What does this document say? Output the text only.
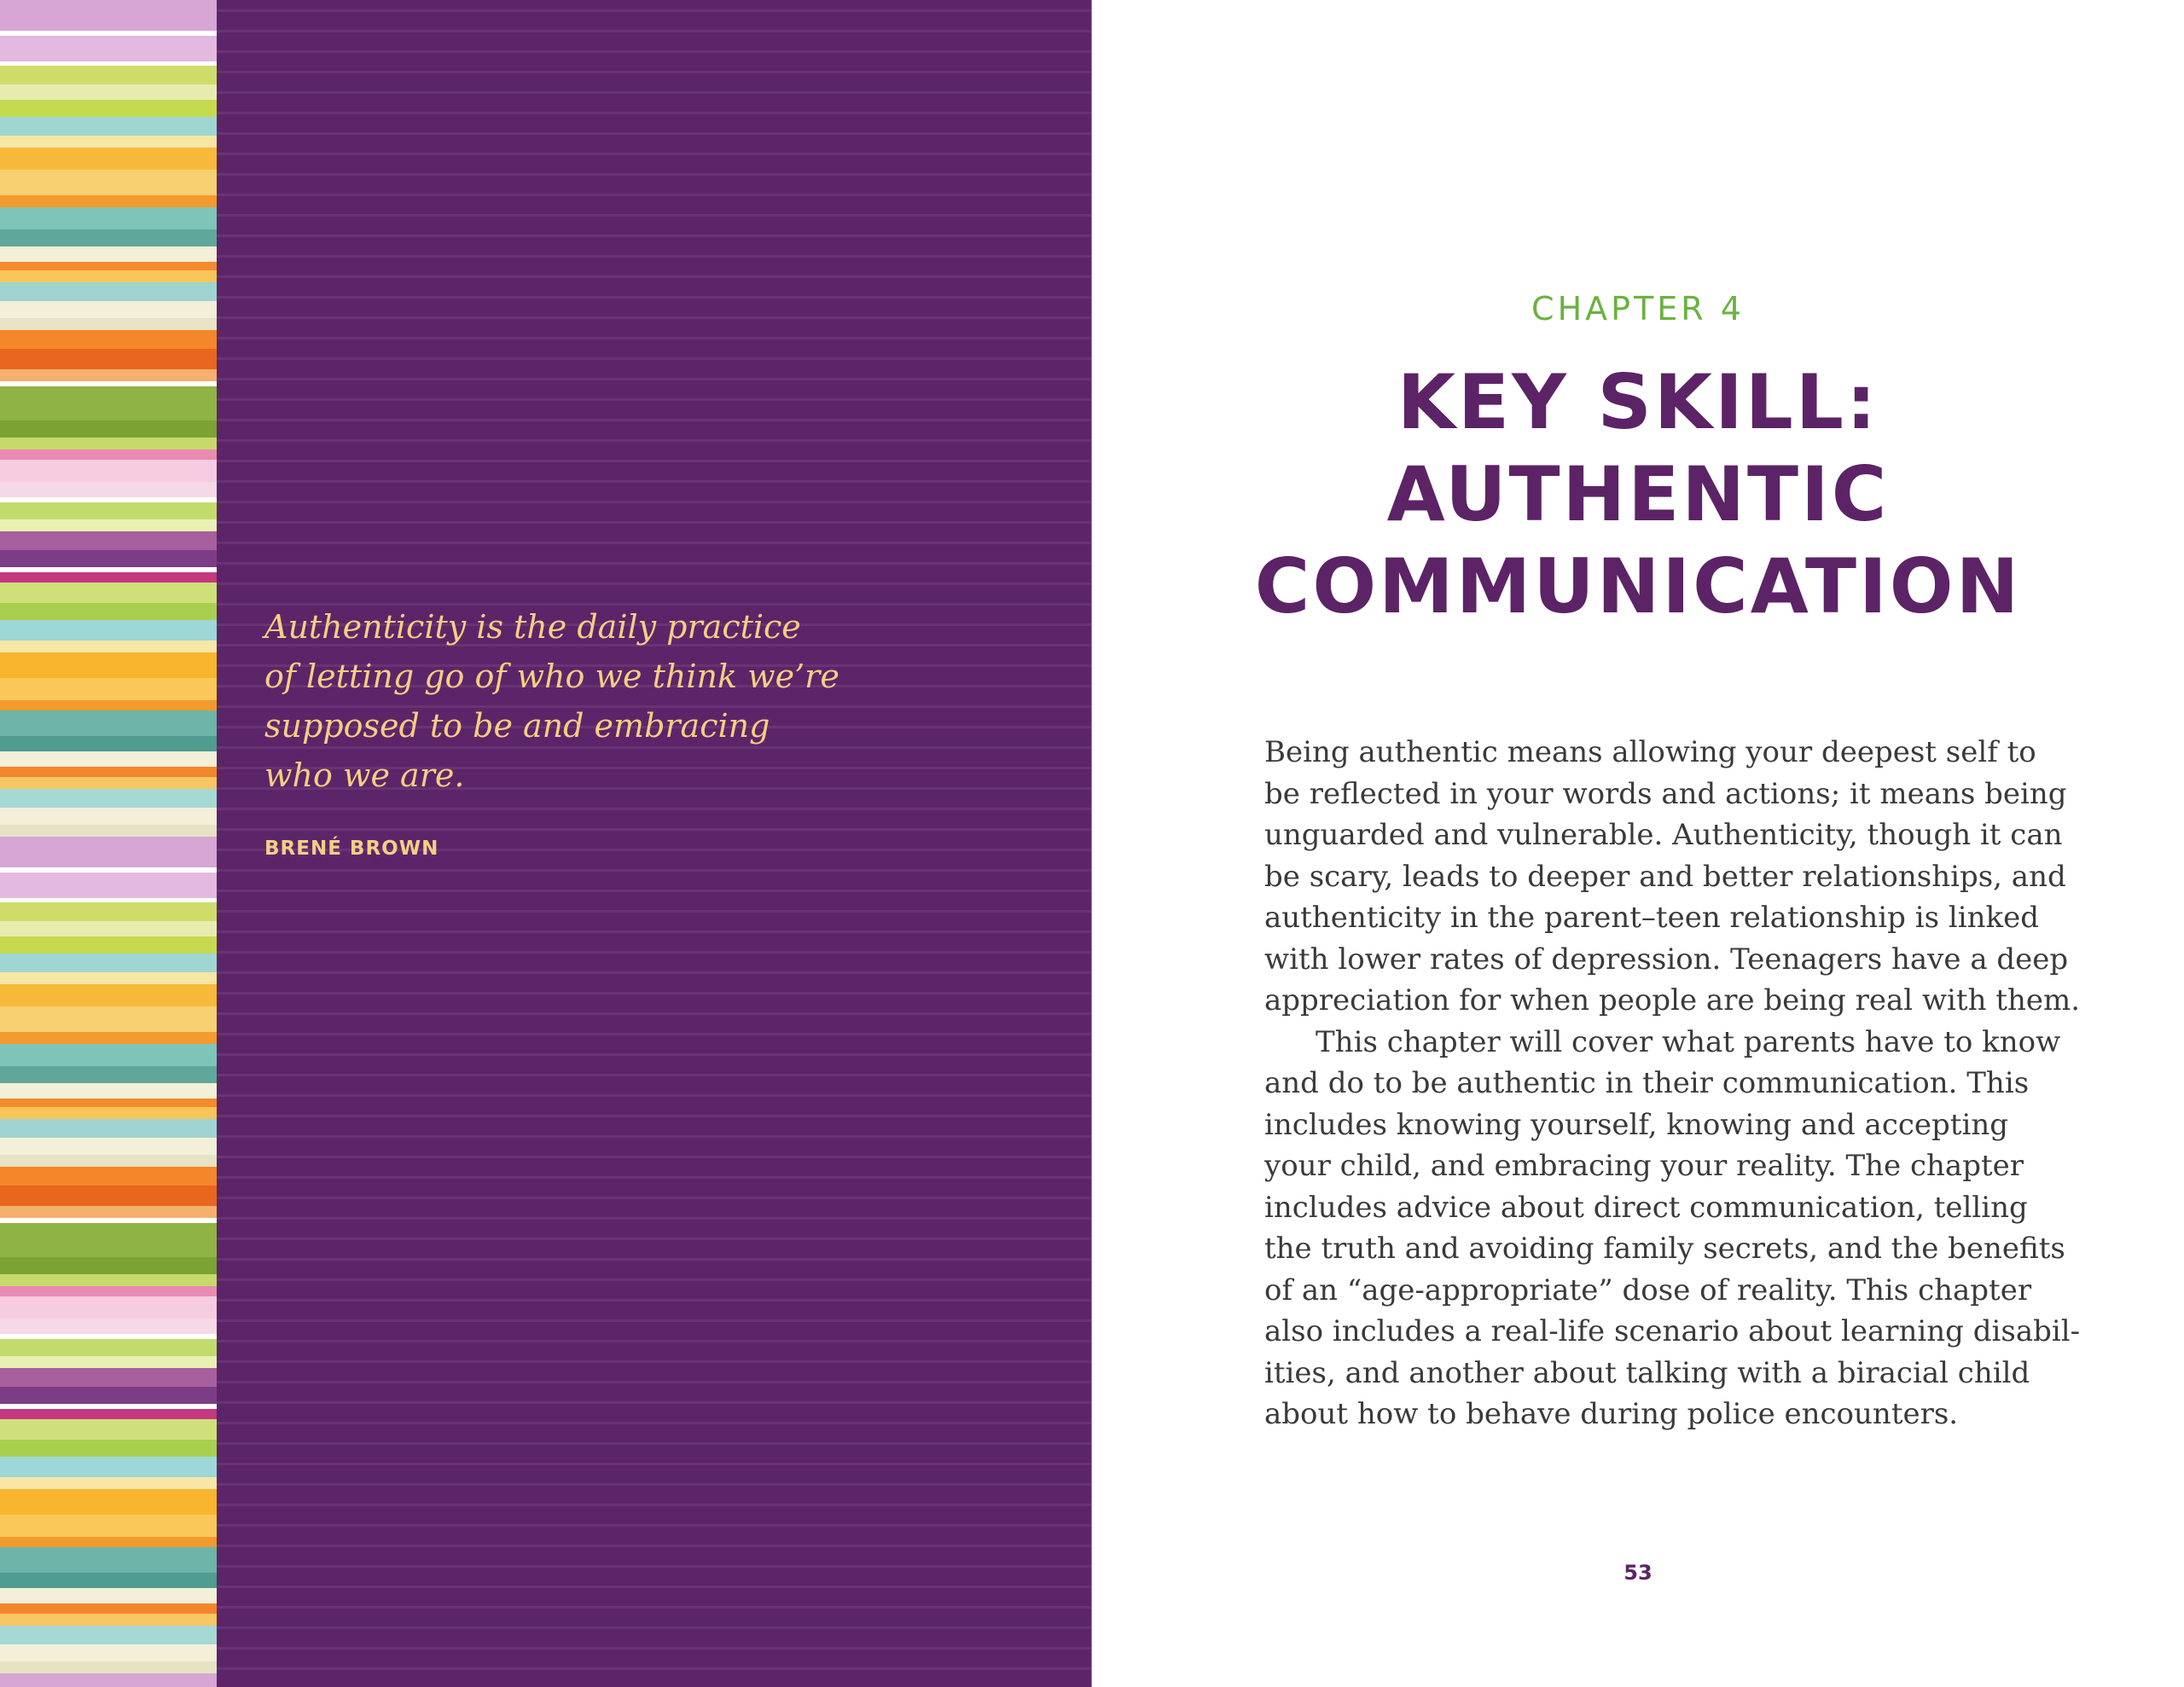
Authenticity is the daily practice
of letting go of who we think we’re
supposed to be and embracing
who we are.

BRENÉ BROWN
CHAPTER 4
KEY SKILL:
AUTHENTIC
COMMUNICATION
Being authentic means allowing your deepest self to
be reflected in your words and actions; it means being
unguarded and vulnerable. Authenticity, though it can
be scary, leads to deeper and better relationships, and
authenticity in the parent–teen relationship is linked
with lower rates of depression. Teenagers have a deep
appreciation for when people are being real with them.
This chapter will cover what parents have to know
and do to be authentic in their communication. This
includes knowing yourself, knowing and accepting
your child, and embracing your reality. The chapter
includes advice about direct communication, telling
the truth and avoiding family secrets, and the benefits
of an “age-appropriate” dose of reality. This chapter
also includes a real-life scenario about learning disabil-
ities, and another about talking with a biracial child
about how to behave during police encounters.
53
